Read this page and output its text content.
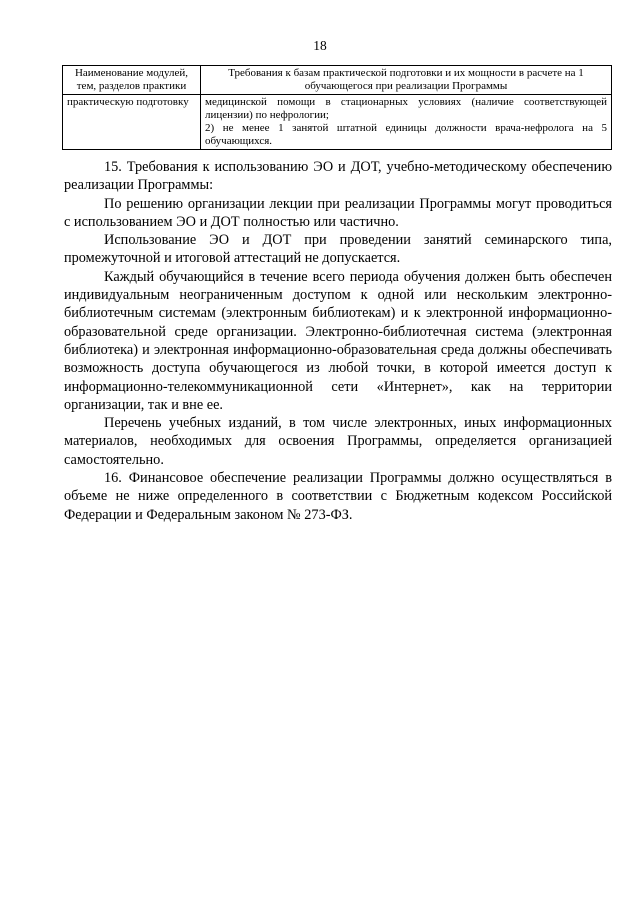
18
Наименование модулей, тем, разделов практики	Требования к базам практической подготовки и их мощности в расчете на 1 обучающегося при реализации Программы
практическую подготовку	медицинской помощи в стационарных условиях (наличие соответствующей лицензии) по нефрологии;
2) не менее 1 занятой штатной единицы должности врача-нефролога на 5 обучающихся.

15. Требования к использованию ЭО и ДОТ, учебно-методическому обеспечению реализации Программы:

По решению организации лекции при реализации Программы могут проводиться с использованием ЭО и ДОТ полностью или частично.

Использование ЭО и ДОТ при проведении занятий семинарского типа, промежуточной и итоговой аттестаций не допускается.

Каждый обучающийся в течение всего периода обучения должен быть обеспечен индивидуальным неограниченным доступом к одной или нескольким электронно-библиотечным системам (электронным библиотекам) и к электронной информационно-образовательной среде организации. Электронно-библиотечная система (электронная библиотека) и электронная информационно-образовательная среда должны обеспечивать возможность доступа обучающегося из любой точки, в которой имеется доступ к информационно-телекоммуникационной сети «Интернет», как на территории организации, так и вне ее.

Перечень учебных изданий, в том числе электронных, иных информационных материалов, необходимых для освоения Программы, определяется организацией самостоятельно.

16. Финансовое обеспечение реализации Программы должно осуществляться в объеме не ниже определенного в соответствии с Бюджетным кодексом Российской Федерации и Федеральным законом № 273-ФЗ.
